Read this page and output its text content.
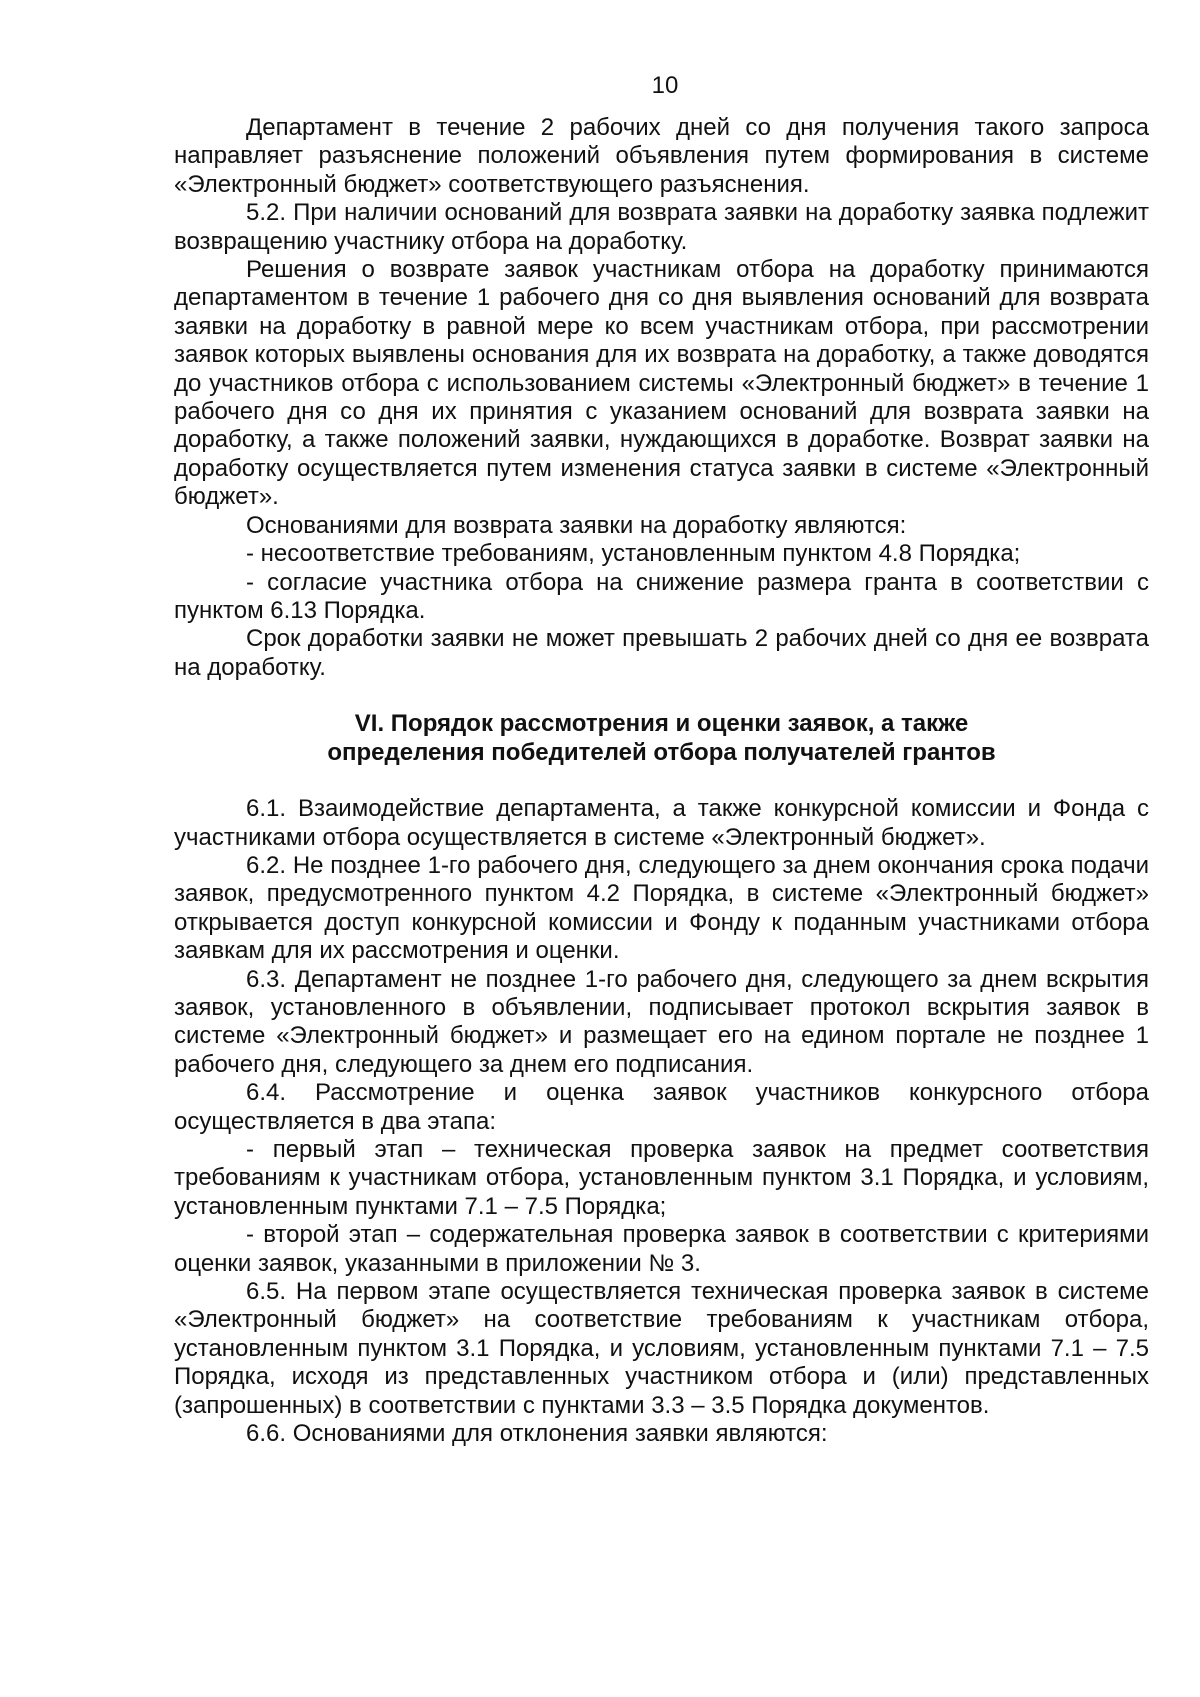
10

Департамент в течение 2 рабочих дней со дня получения такого запроса направляет разъяснение положений объявления путем формирования в системе «Электронный бюджет» соответствующего разъяснения.

5.2. При наличии оснований для возврата заявки на доработку заявка подлежит возвращению участнику отбора на доработку.

Решения о возврате заявок участникам отбора на доработку принимаются департаментом в течение 1 рабочего дня со дня выявления оснований для возврата заявки на доработку в равной мере ко всем участникам отбора, при рассмотрении заявок которых выявлены основания для их возврата на доработку, а также доводятся до участников отбора с использованием системы «Электронный бюджет» в течение 1 рабочего дня со дня их принятия с указанием оснований для возврата заявки на доработку, а также положений заявки, нуждающихся в доработке. Возврат заявки на доработку осуществляется путем изменения статуса заявки в системе «Электронный бюджет».

Основаниями для возврата заявки на доработку являются:

- несоответствие требованиям, установленным пунктом 4.8 Порядка;

- согласие участника отбора на снижение размера гранта в соответствии с пунктом 6.13 Порядка.

Срок доработки заявки не может превышать 2 рабочих дней со дня ее возврата на доработку.

VI. Порядок рассмотрения и оценки заявок, а также

определения победителей отбора получателей грантов

6.1. Взаимодействие департамента, а также конкурсной комиссии и Фонда с участниками отбора осуществляется в системе «Электронный бюджет».

6.2. Не позднее 1-го рабочего дня, следующего за днем окончания срока подачи заявок, предусмотренного пунктом 4.2 Порядка, в системе «Электронный бюджет» открывается доступ конкурсной комиссии и Фонду к поданным участниками отбора заявкам для их рассмотрения и оценки.

6.3. Департамент не позднее 1-го рабочего дня, следующего за днем вскрытия заявок, установленного в объявлении, подписывает протокол вскрытия заявок в системе «Электронный бюджет» и размещает его на едином портале не позднее 1 рабочего дня, следующего за днем его подписания.

6.4. Рассмотрение и оценка заявок участников конкурсного отбора осуществляется в два этапа:

- первый этап – техническая проверка заявок на предмет соответствия требованиям к участникам отбора, установленным пунктом 3.1 Порядка, и условиям, установленным пунктами 7.1 – 7.5 Порядка;

- второй этап – содержательная проверка заявок в соответствии с критериями оценки заявок, указанными в приложении № 3.

6.5. На первом этапе осуществляется техническая проверка заявок в системе «Электронный бюджет» на соответствие требованиям к участникам отбора, установленным пунктом 3.1 Порядка, и условиям, установленным пунктами 7.1 – 7.5 Порядка, исходя из представленных участником отбора и (или) представленных (запрошенных) в соответствии с пунктами 3.3 – 3.5 Порядка документов.

6.6. Основаниями для отклонения заявки являются:
